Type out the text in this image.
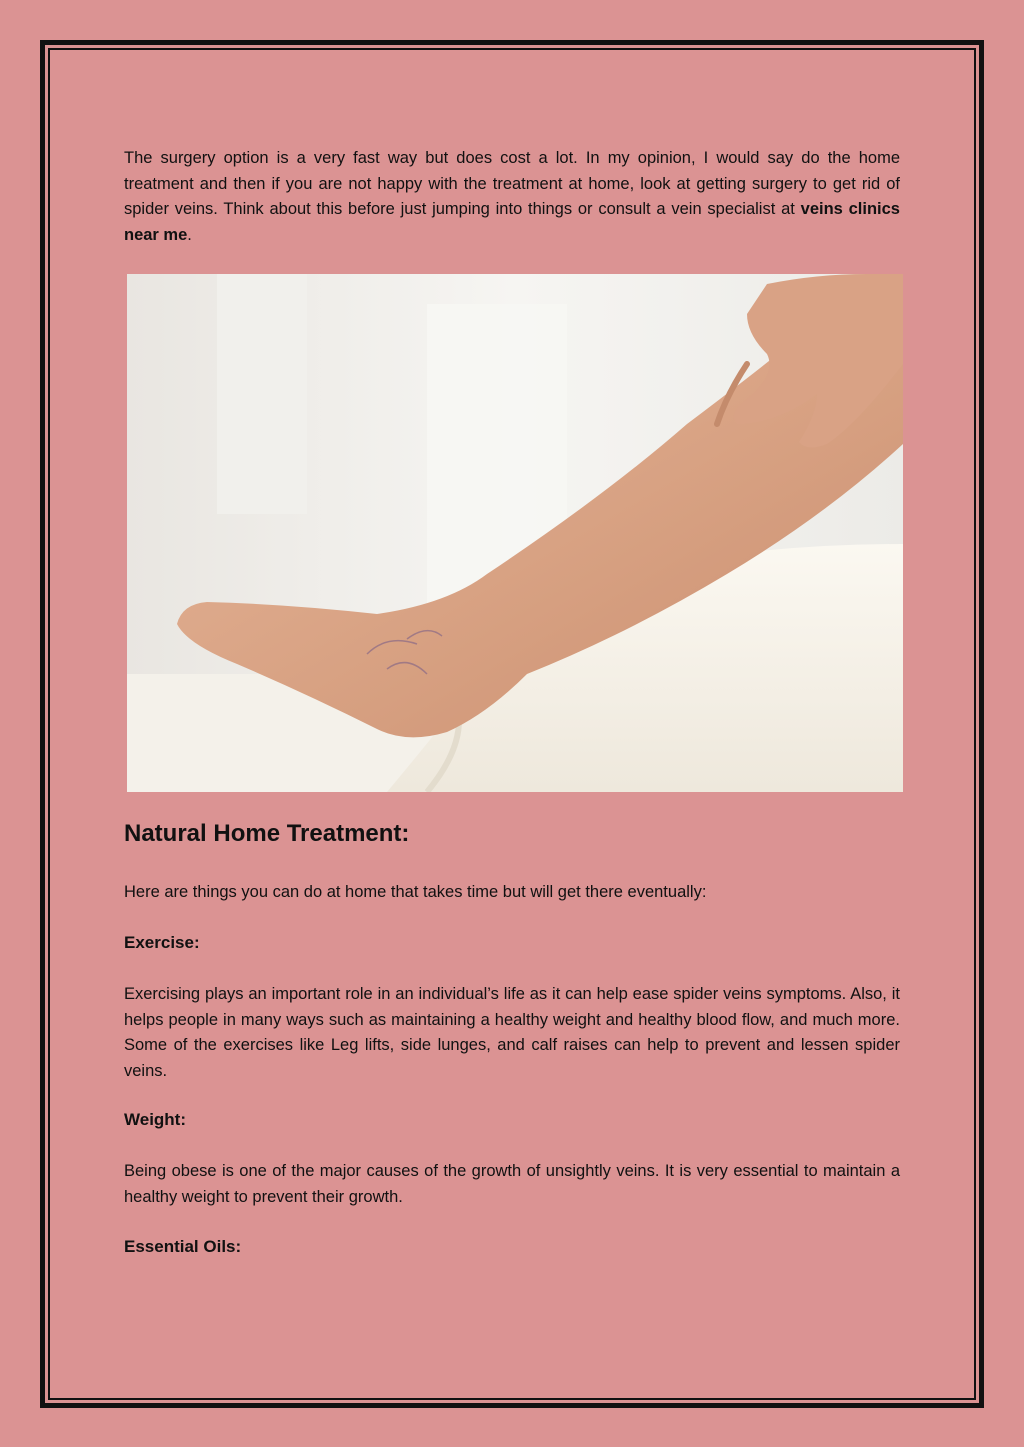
The surgery option is a very fast way but does cost a lot. In my opinion, I would say do the home treatment and then if you are not happy with the treatment at home, look at getting surgery to get rid of spider veins. Think about this before just jumping into things or consult a vein specialist at veins clinics near me.

Natural Home Treatment:

Here are things you can do at home that takes time but will get there eventually:

Exercise:

Exercising plays an important role in an individual’s life as it can help ease spider veins symptoms. Also, it helps people in many ways such as maintaining a healthy weight and healthy blood flow, and much more. Some of the exercises like Leg lifts, side lunges, and calf raises can help to prevent and lessen spider veins.

Weight:

Being obese is one of the major causes of the growth of unsightly veins. It is very essential to maintain a healthy weight to prevent their growth.

Essential Oils:
